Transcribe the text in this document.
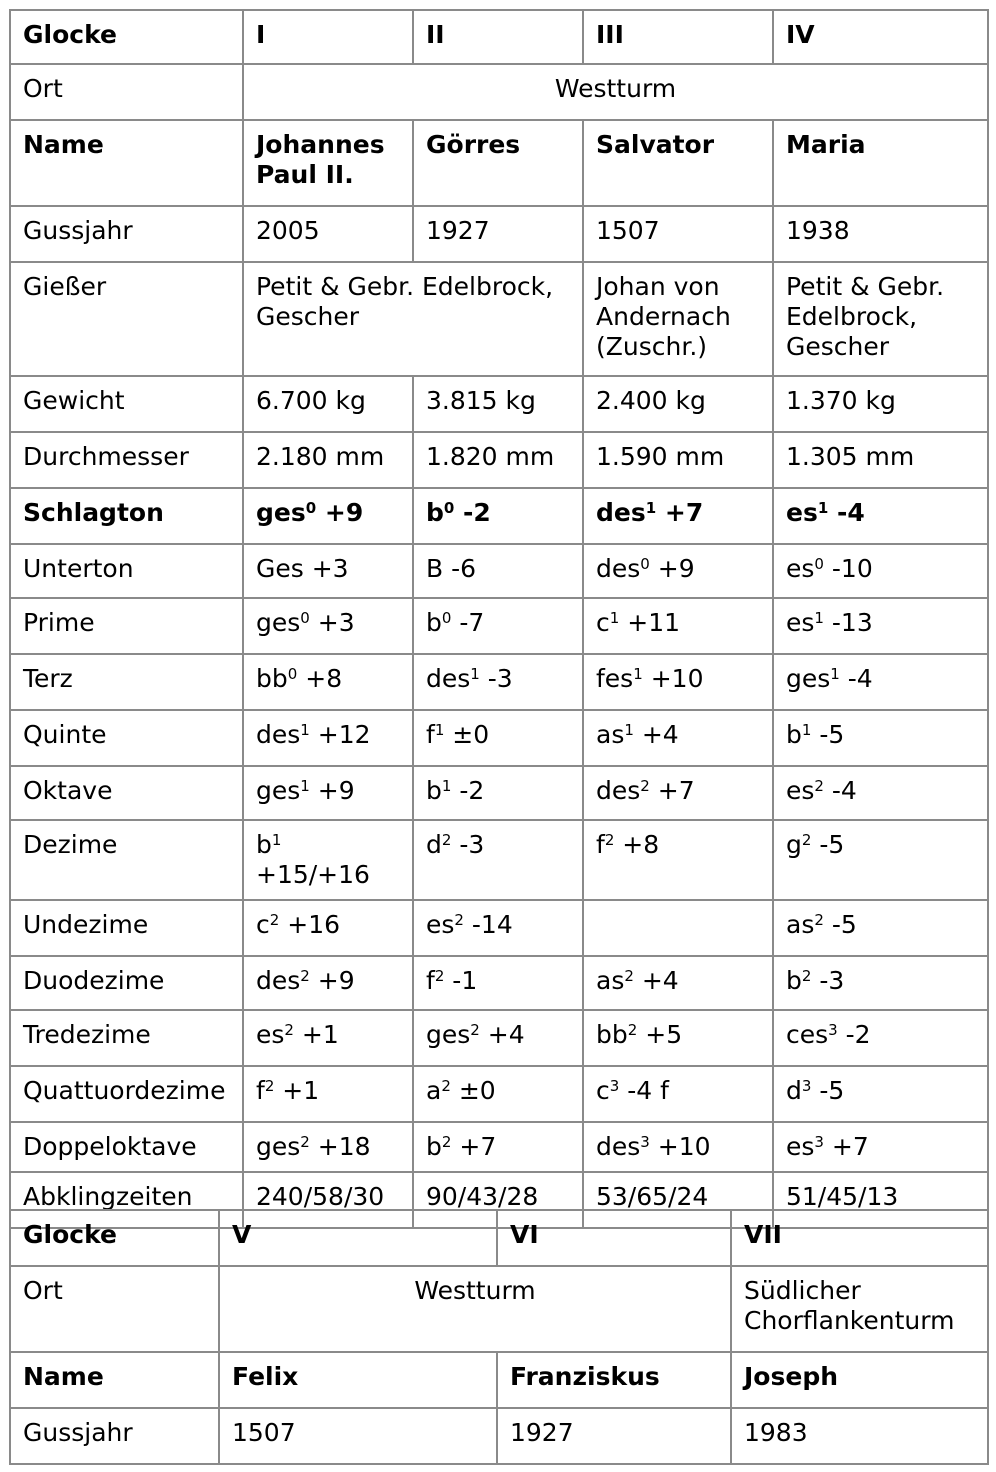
Glocke	I	II	III	IV
Ort	Westturm			
Name	Johannes Paul II.	Görres	Salvator	Maria
Gussjahr	2005	1927	1507	1938
Gießer	Petit & Gebr. Edelbrock, Gescher		Johan von Andernach (Zuschr.)	Petit & Gebr. Edelbrock, Gescher
Gewicht	6.700 kg	3.815 kg	2.400 kg	1.370 kg
Durchmesser	2.180 mm	1.820 mm	1.590 mm	1.305 mm
Schlagton	ges$^0$ +9	$b^0$ -2	des$^1$ +7	$es^1$ -4
Unterton	Ges +3	B -6	des$^0$ +9	$es^0$ -10
Prime	ges$^0$ +3	$b^0$ -7	$c^1 +11$	$es^1$ -13
Terz	$bb^0 +8$	des$^1$ -3	fes$^1$ +10	ges$^1$ -4
Quinte	des$^1$ +12	$f^1 \pm 0$	$as^1 +4$	$b^1$ -5
Oktave	ges$^1$ +9	$b^1$ -2	des$^2$ +7	$es^2$ -4
Dezime	$b^1 +15/+16$	$d^2$ -3	$f^2 +8$	$g^2$ -5
Undezime	$c^2 +16$	$es^2$ -14		$as^2$ -5
Duodezime	des$^2$ +9	$f^2$ -1	$as^2 +4$	$b^2$ -3
Tredezime	$es^2 +1$	ges$^2$ +4	$bb^2 +5$	ces$^3$ -2
Quattuordezime	$f^2 +1$	$a^2 \pm 0$	$c^3$ -4 f	$d^3$ -5
Doppeloktave	ges$^2$ +18	$b^2 +7$	des$^3$ +10	$es^3 +7$
Abklingzeiten	240/58/30	90/43/28	53/65/24	51/45/13
Glocke	V	VI	VII
Ort	Westturm		Südlicher Chorflankenturm
Name	Felix	Franziskus	Joseph
Gussjahr	1507	1927	1983
